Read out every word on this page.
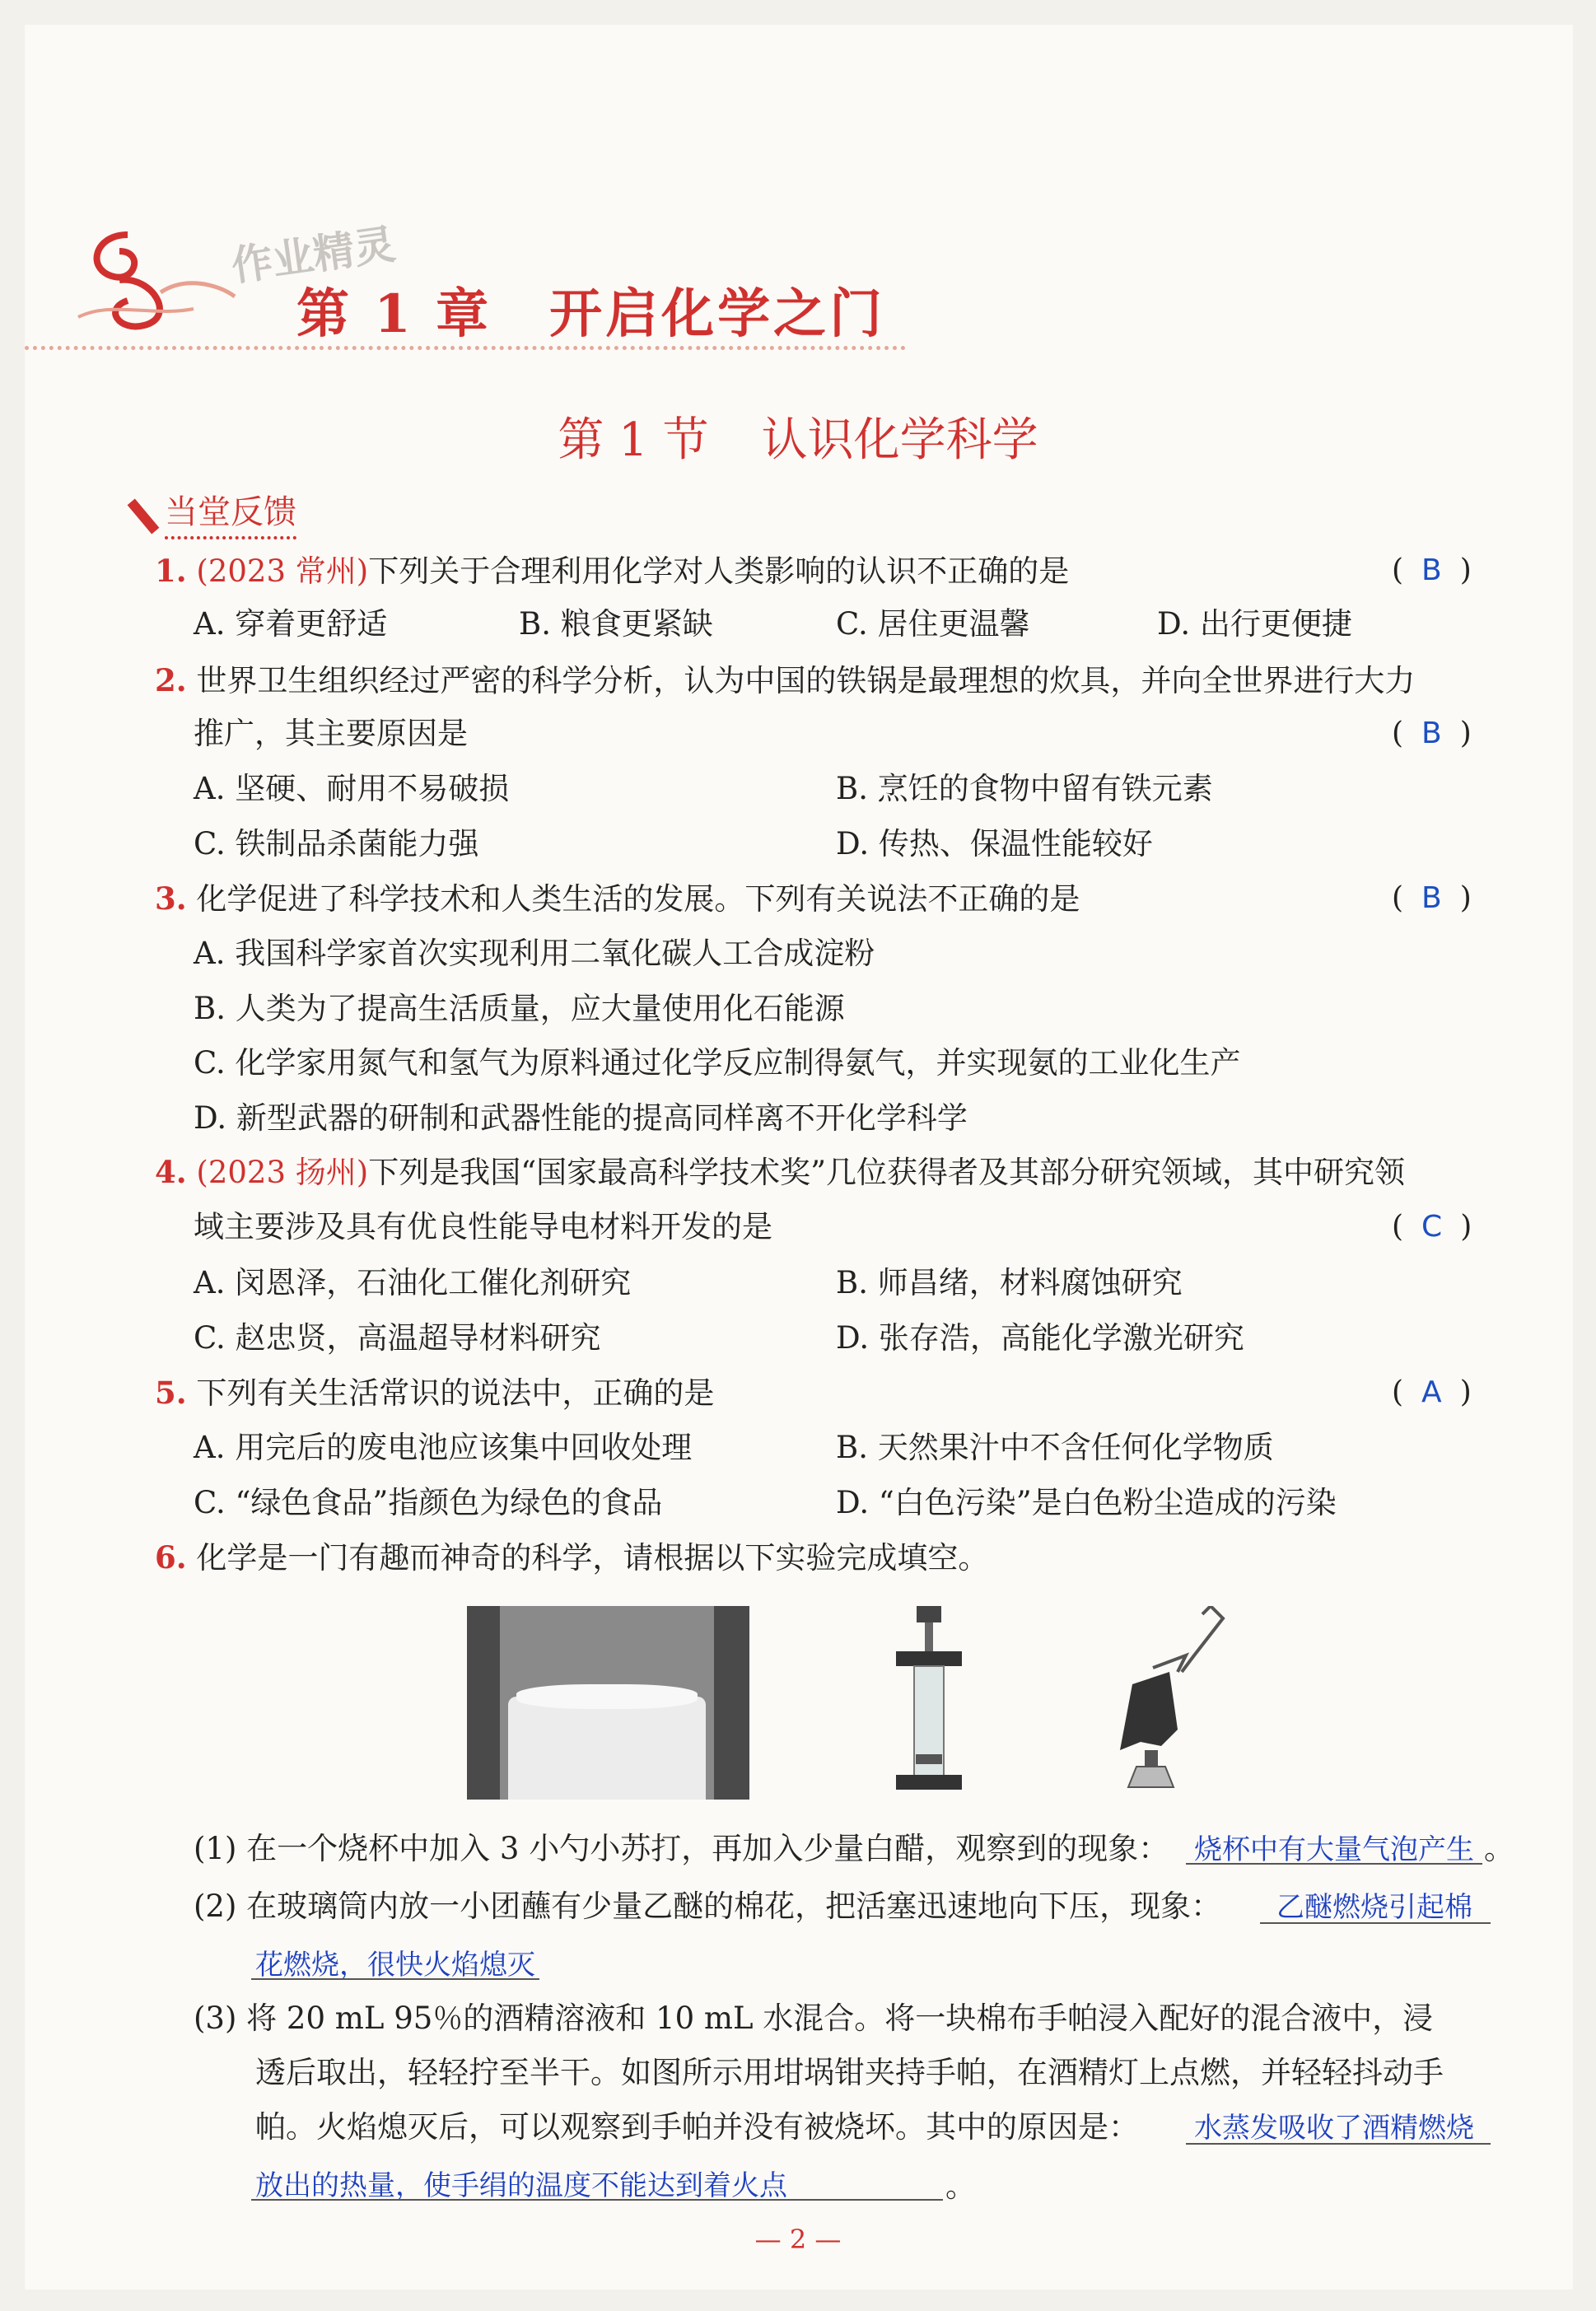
作业精灵
第 1 章 开启化学之门
第 1 节 认识化学科学
当堂反馈
1. (2023 常州)下列关于合理利用化学对人类影响的认识不正确的是	( B )
A. 穿着更舒适	B. 粮食更紧缺	C. 居住更温馨	D. 出行更便捷
2. 世界卫生组织经过严密的科学分析，认为中国的铁锅是最理想的炊具，并向全世界进行大力
推广，其主要原因是	( B )
A. 坚硬、耐用不易破损	B. 烹饪的食物中留有铁元素
C. 铁制品杀菌能力强	D. 传热、保温性能较好
3. 化学促进了科学技术和人类生活的发展。下列有关说法不正确的是	( B )
A. 我国科学家首次实现利用二氧化碳人工合成淀粉
B. 人类为了提高生活质量，应大量使用化石能源
C. 化学家用氮气和氢气为原料通过化学反应制得氨气，并实现氨的工业化生产
D. 新型武器的研制和武器性能的提高同样离不开化学科学
4. (2023 扬州)下列是我国“国家最高科学技术奖”几位获得者及其部分研究领域，其中研究领
域主要涉及具有优良性能导电材料开发的是	( C )
A. 闵恩泽，石油化工催化剂研究	B. 师昌绪，材料腐蚀研究
C. 赵忠贤，高温超导材料研究	D. 张存浩，高能化学激光研究
5. 下列有关生活常识的说法中，正确的是	( A )
A. 用完后的废电池应该集中回收处理	B. 天然果汁中不含任何化学物质
C. “绿色食品”指颜色为绿色的食品	D. “白色污染”是白色粉尘造成的污染
6. 化学是一门有趣而神奇的科学，请根据以下实验完成填空。
(1) 在一个烧杯中加入 3 小勺小苏打，再加入少量白醋，观察到的现象： 烧杯中有大量气泡产生 。
(2) 在玻璃筒内放一小团蘸有少量乙醚的棉花，把活塞迅速地向下压，现象： 乙醚燃烧引起棉
花燃烧，很快火焰熄灭
(3) 将 20 mL 95％的酒精溶液和 10 mL 水混合。将一块棉布手帕浸入配好的混合液中，浸
透后取出，轻轻拧至半干。如图所示用坩埚钳夹持手帕，在酒精灯上点燃，并轻轻抖动手
帕。火焰熄灭后，可以观察到手帕并没有被烧坏。其中的原因是： 水蒸发吸收了酒精燃烧
放出的热量，使手绢的温度不能达到着火点	。
— 2 —
